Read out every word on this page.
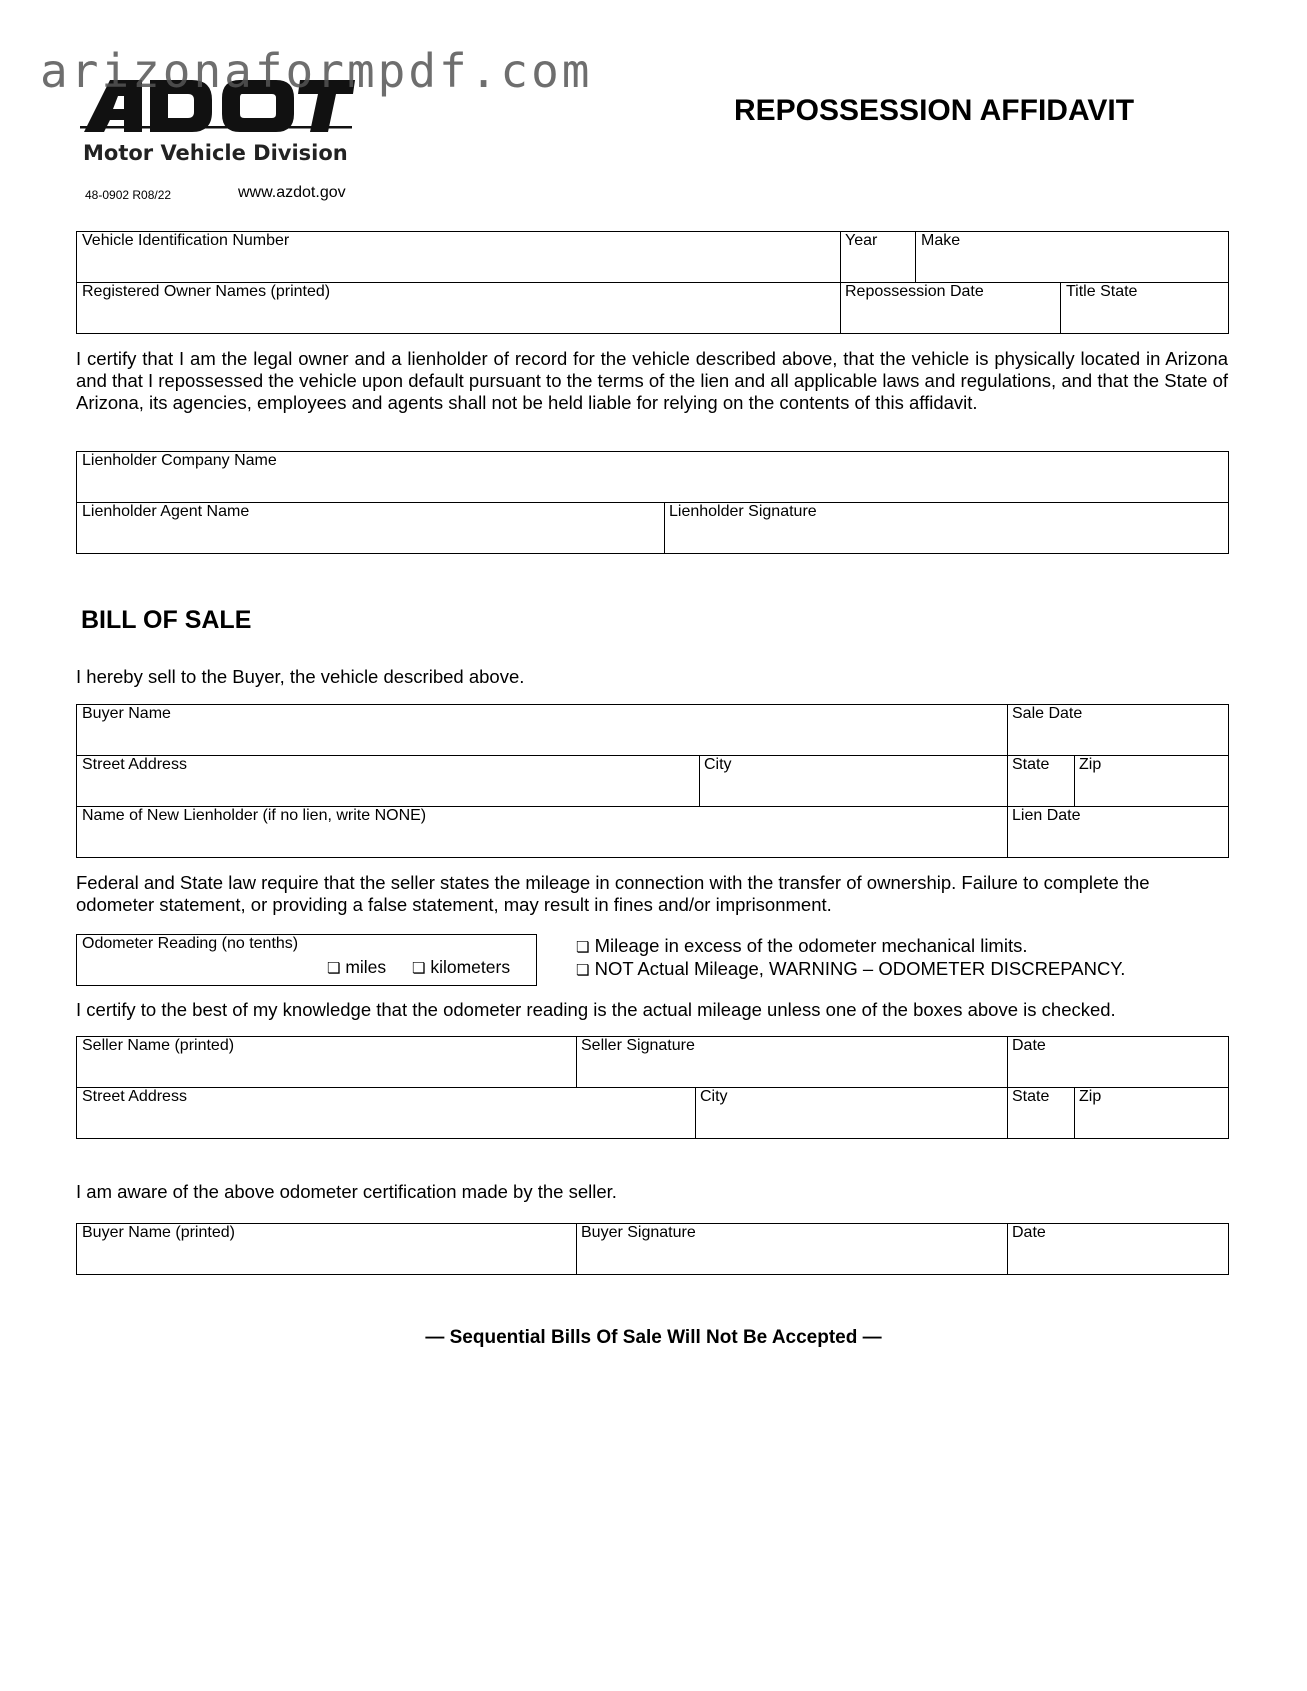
arizonaformpdf.com
Motor Vehicle Division
48-0902 R08/22	www.azdot.gov
REPOSSESSION AFFIDAVIT
Vehicle Identification Number	Year	Make
Registered Owner Names (printed)	Repossession Date	Title State
I certify that I am the legal owner and a lienholder of record for the vehicle described above, that the vehicle is physically located in Arizona and that I repossessed the vehicle upon default pursuant to the terms of the lien and all applicable laws and regulations, and that the State of Arizona, its agencies, employees and agents shall not be held liable for relying on the contents of this affidavit.
Lienholder Company Name
Lienholder Agent Name	Lienholder Signature
BILL OF SALE
I hereby sell to the Buyer, the vehicle described above.
Buyer Name	Sale Date
Street Address	City	State Zip
Name of New Lienholder (if no lien, write NONE)	Lien Date
Federal and State law require that the seller states the mileage in connection with the transfer of ownership. Failure to complete the odometer statement, or providing a false statement, may result in fines and/or imprisonment.
Odometer Reading (no tenths)
❏ miles ❏ kilometers
❏ Mileage in excess of the odometer mechanical limits.
❏ NOT Actual Mileage, WARNING – ODOMETER DISCREPANCY.
I certify to the best of my knowledge that the odometer reading is the actual mileage unless one of the boxes above is checked.
Seller Name (printed)	Seller Signature	Date
Street Address	City	State Zip
I am aware of the above odometer certification made by the seller.
Buyer Name (printed)	Buyer Signature	Date
— Sequential Bills Of Sale Will Not Be Accepted —
